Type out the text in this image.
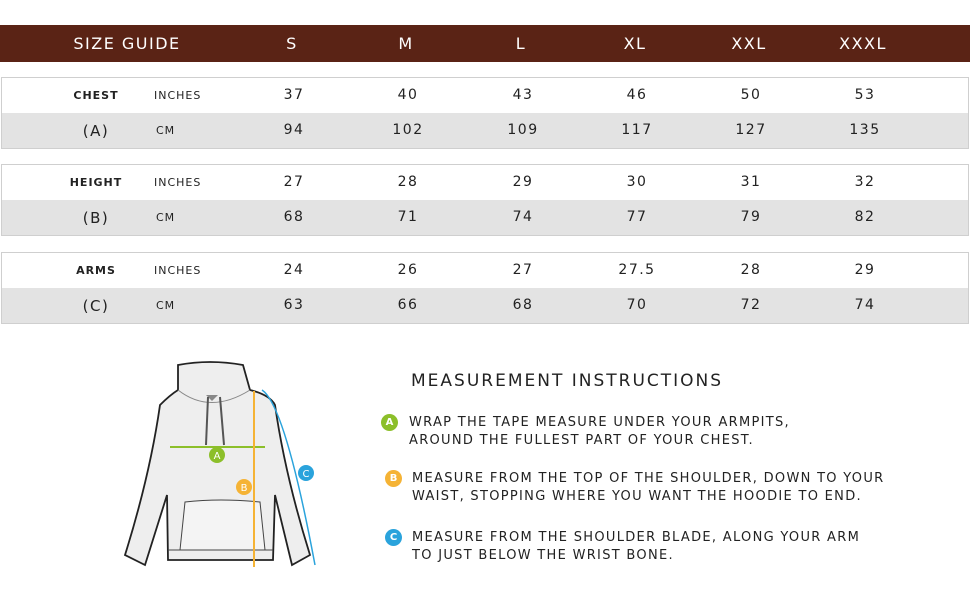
SIZE GUIDE	S	M	L	XL	XXL	XXXL
CHEST	INCHES	37	40	43	46	50	53
(A)	CM	94	102	109	117	127	135
HEIGHT	INCHES	27	28	29	30	31	32
(B)	CM	68	71	74	77	79	82
ARMS	INCHES	24	26	27	27.5	28	29
(C)	CM	63	66	68	70	72	74
A
B
C
MEASUREMENT INSTRUCTIONS
A	WRAP THE TAPE MEASURE UNDER YOUR ARMPITS,
AROUND THE FULLEST PART OF YOUR CHEST.
B	MEASURE FROM THE TOP OF THE SHOULDER, DOWN TO YOUR
WAIST, STOPPING WHERE YOU WANT THE HOODIE TO END.
C	MEASURE FROM THE SHOULDER BLADE, ALONG YOUR ARM
TO JUST BELOW THE WRIST BONE.
